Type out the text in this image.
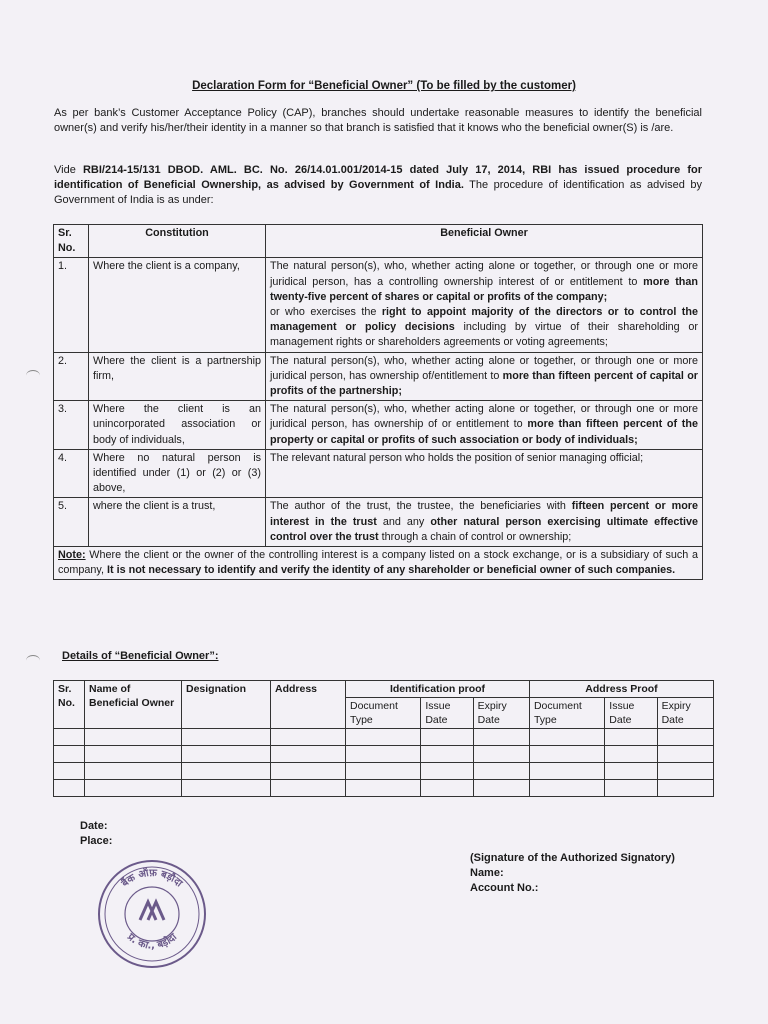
Declaration Form for “Beneficial Owner” (To be filled by the customer)
As per bank’s Customer Acceptance Policy (CAP), branches should undertake reasonable measures to identify the beneficial owner(s) and verify his/her/their identity in a manner so that branch is satisfied that it knows who the beneficial owner(S) is /are.
Vide RBI/214-15/131 DBOD. AML. BC. No. 26/14.01.001/2014-15 dated July 17, 2014, RBI has issued procedure for identification of Beneficial Ownership, as advised by Government of India. The procedure of identification as advised by Government of India is as under:
Sr. No.	Constitution	Beneficial Owner
1.	Where the client is a company,	The natural person(s), who, whether acting alone or together, or through one or more juridical person, has a controlling ownership interest of or entitlement to more than twenty-five percent of shares or capital or profits of the company;
or who exercises the right to appoint majority of the directors or to control the management or policy decisions including by virtue of their shareholding or management rights or shareholders agreements or voting agreements;
2.	Where the client is a partnership firm,	The natural person(s), who, whether acting alone or together, or through one or more juridical person, has ownership of/entitlement to more than fifteen percent of capital or profits of the partnership;
3.	Where the client is an unincorporated association or body of individuals,	The natural person(s), who, whether acting alone or together, or through one or more juridical person, has ownership of or entitlement to more than fifteen percent of the property or capital or profits of such association or body of individuals;
4.	Where no natural person is identified under (1) or (2) or (3) above,	The relevant natural person who holds the position of senior managing official;
5.	where the client is a trust,	The author of the trust, the trustee, the beneficiaries with fifteen percent or more interest in the trust and any other natural person exercising ultimate effective control over the trust through a chain of control or ownership;
Note: Where the client or the owner of the controlling interest is a company listed on a stock exchange, or is a subsidiary of such a company, It is not necessary to identify and verify the identity of any shareholder or beneficial owner of such companies.		
Details of “Beneficial Owner”:
Sr. No.	Name of Beneficial Owner	Designation	Address	Identification proof			Address Proof		
				Document Type	Issue Date	Expiry Date	Document Type	Issue Date	Expiry Date

Date:
Place:
(Signature of the Authorized Signatory)
Name:
Account No.:
बैंक ऑफ़ बड़ौदा
प्र. का., बड़ौदा
